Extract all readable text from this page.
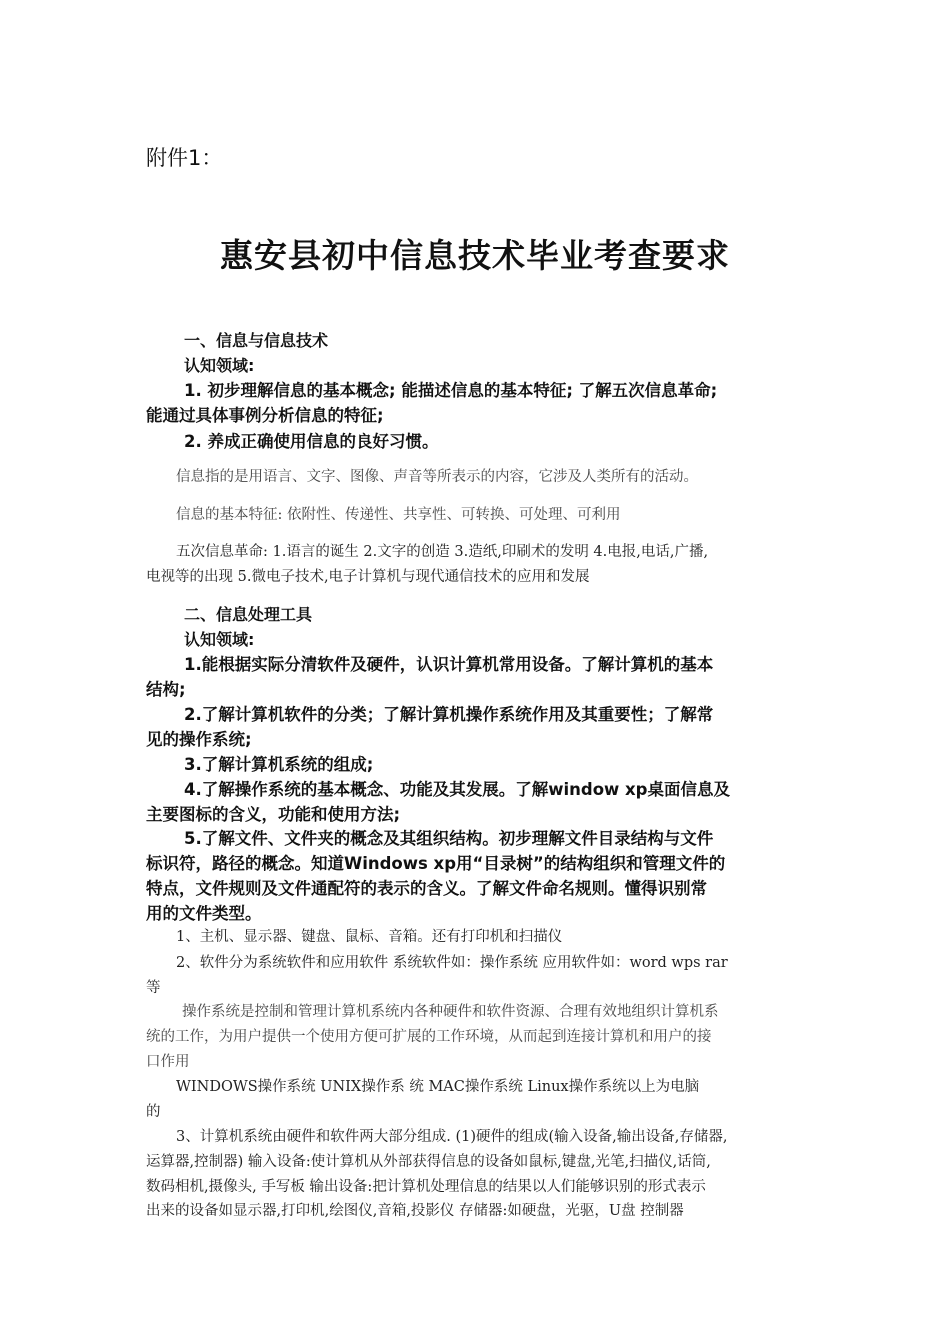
附件1：
惠安县初中信息技术毕业考查要求
一、信息与信息技术
认知领域:
1. 初步理解信息的基本概念; 能描述信息的基本特征; 了解五次信息革命;
能通过具体事例分析信息的特征;
2. 养成正确使用信息的良好习惯。
信息指的是用语言、文字、图像、声音等所表示的内容，它涉及人类所有的活动。
信息的基本特征: 依附性、传递性、共享性、可转换、可处理、可利用
五次信息革命: 1.语言的诞生 2.文字的创造 3.造纸,印刷术的发明 4.电报,电话,广播,
电视等的出现 5.微电子技术,电子计算机与现代通信技术的应用和发展
二、信息处理工具
认知领域:
1.能根据实际分清软件及硬件，认识计算机常用设备。了解计算机的基本
结构;
2.了解计算机软件的分类；了解计算机操作系统作用及其重要性；了解常
见的操作系统;
3.了解计算机系统的组成;
4.了解操作系统的基本概念、功能及其发展。了解window xp桌面信息及
主要图标的含义，功能和使用方法;
5.了解文件、文件夹的概念及其组织结构。初步理解文件目录结构与文件
标识符，路径的概念。知道Windows xp用“目录树”的结构组织和管理文件的
特点，文件规则及文件通配符的表示的含义。了解文件命名规则。懂得识别常
用的文件类型。
1、主机、显示器、键盘、鼠标、音箱。还有打印机和扫描仪
2、软件分为系统软件和应用软件 系统软件如：操作系统 应用软件如：word wps rar
等
操作系统是控制和管理计算机系统内各种硬件和软件资源、合理有效地组织计算机系
统的工作，为用户提供一个使用方便可扩展的工作环境，从而起到连接计算机和用户的接
口作用
WINDOWS操作系统 UNIX操作系 统 MAC操作系统 Linux操作系统以上为电脑
的
3、计算机系统由硬件和软件两大部分组成. (1)硬件的组成(输入设备,输出设备,存储器,
运算器,控制器) 输入设备:使计算机从外部获得信息的设备如鼠标,键盘,光笔,扫描仪,话筒,
数码相机,摄像头, 手写板 输出设备:把计算机处理信息的结果以人们能够识别的形式表示
出来的设备如显示器,打印机,绘图仪,音箱,投影仪 存储器:如硬盘，光驱，U盘 控制器
